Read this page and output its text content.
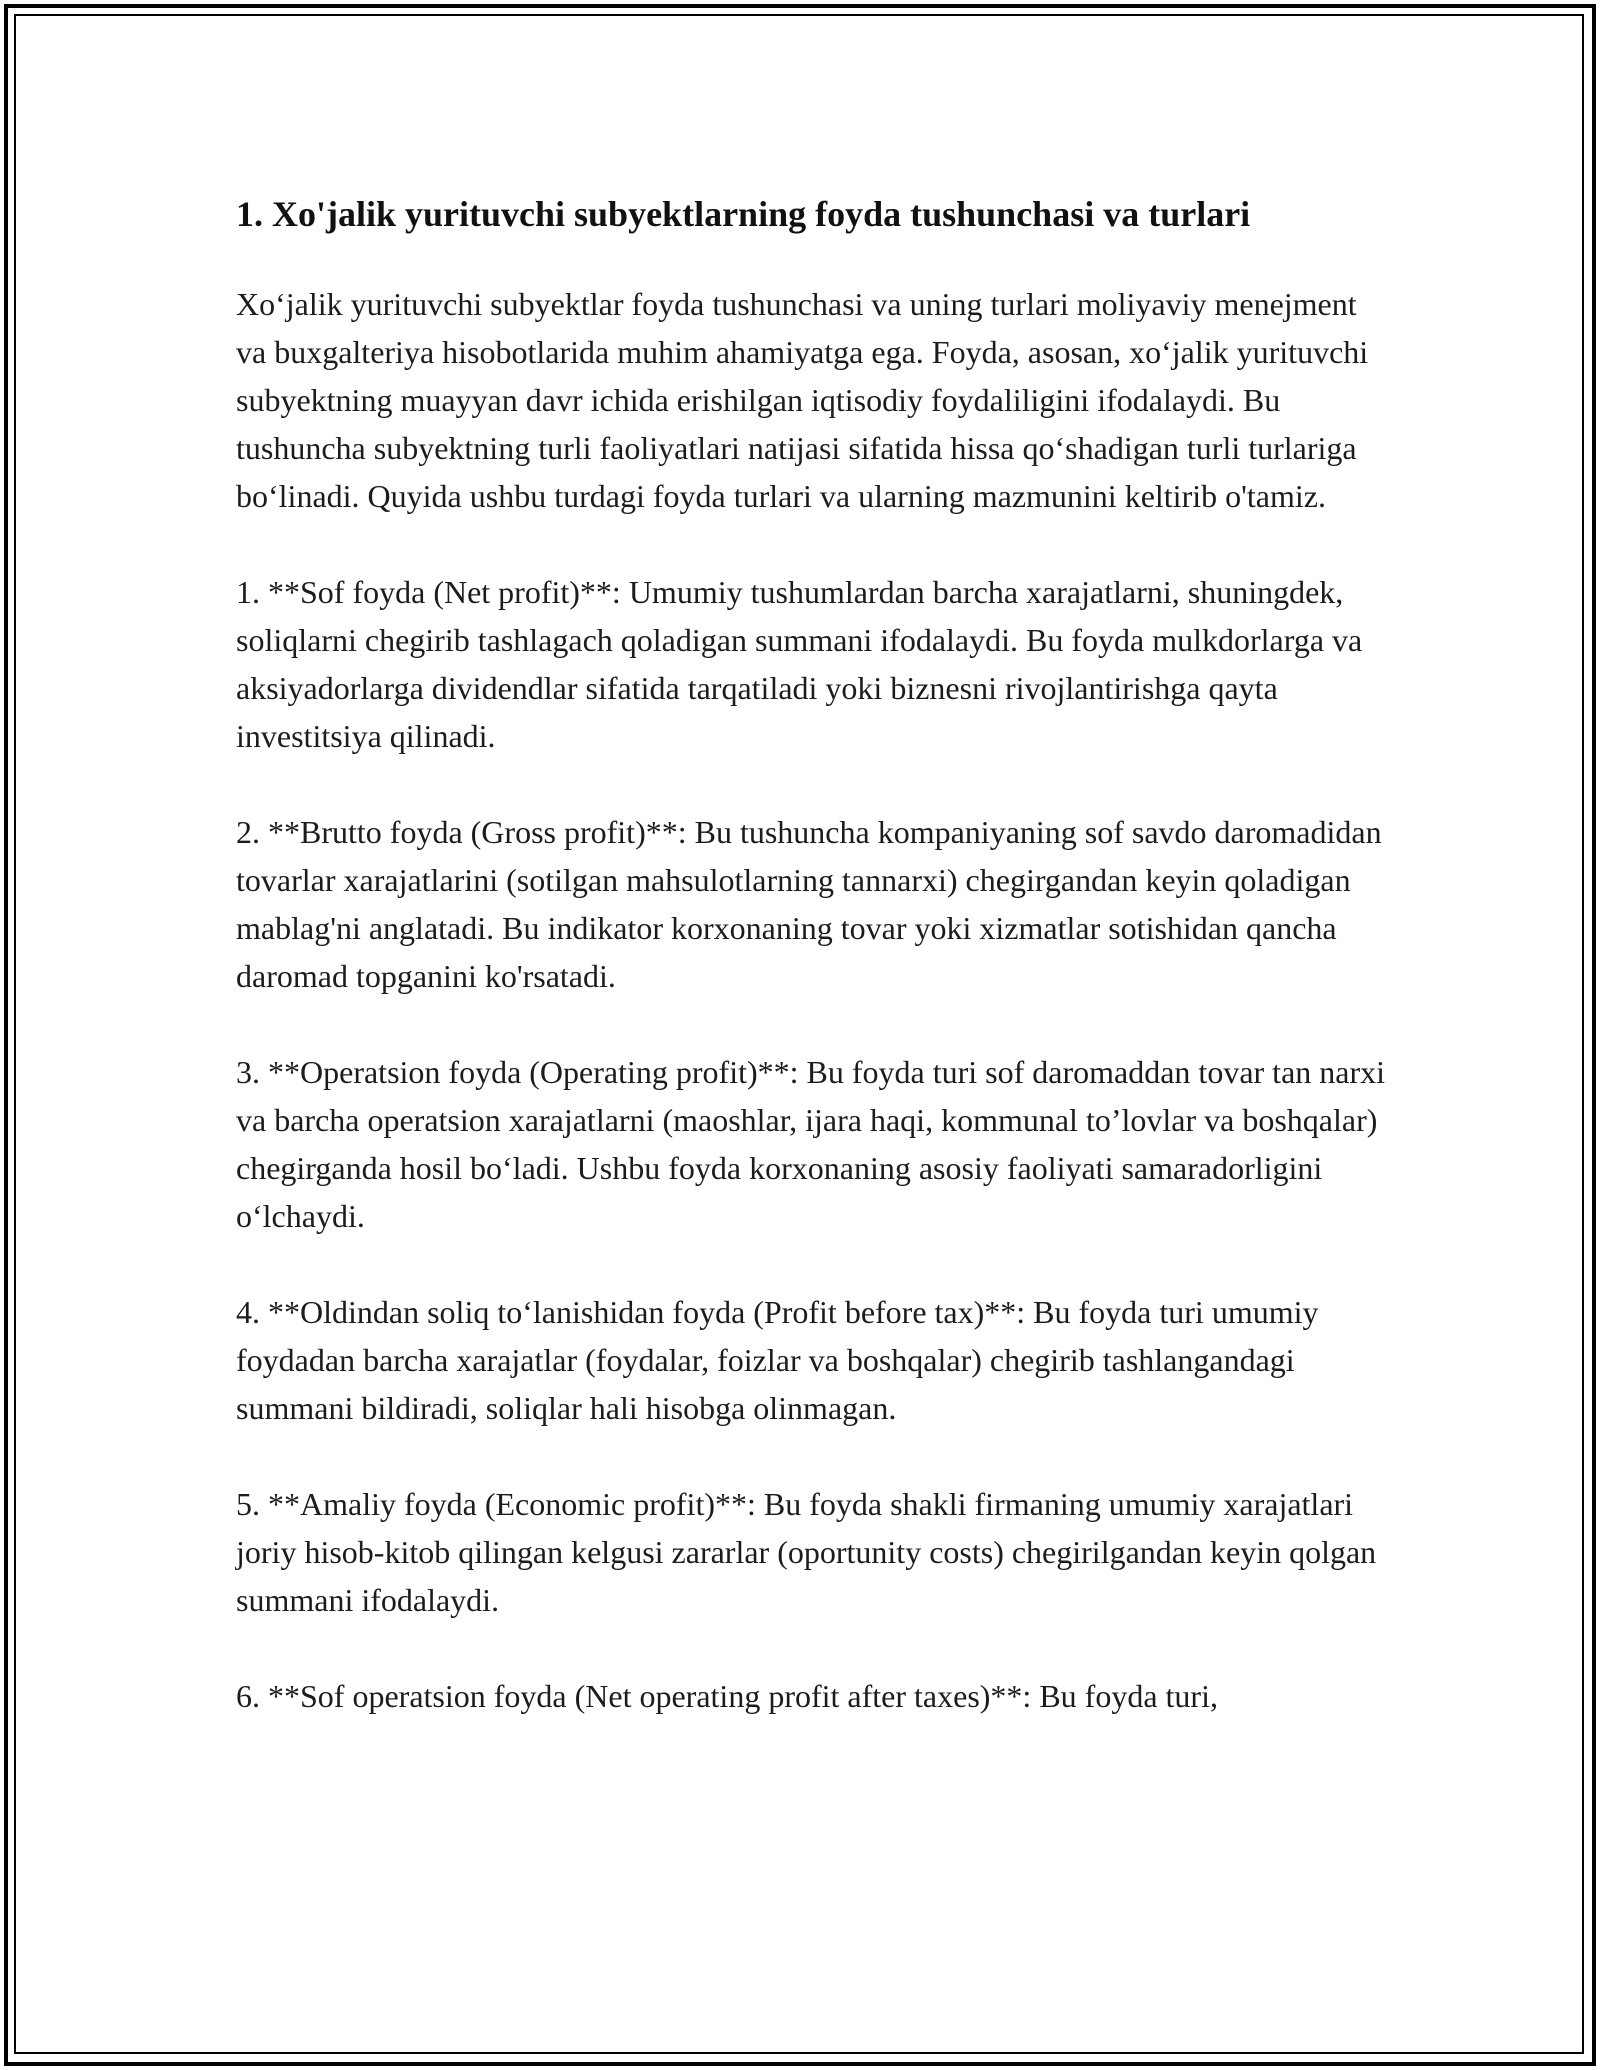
1. Xo'jalik yurituvchi subyektlarning foyda tushunchasi va turlari

Xo‘jalik yurituvchi subyektlar foyda tushunchasi va uning turlari moliyaviy menejment va buxgalteriya hisobotlarida muhim ahamiyatga ega. Foyda, asosan, xo‘jalik yurituvchi subyektning muayyan davr ichida erishilgan iqtisodiy foydaliligini ifodalaydi. Bu tushuncha subyektning turli faoliyatlari natijasi sifatida hissa qo‘shadigan turli turlariga bo‘linadi. Quyida ushbu turdagi foyda turlari va ularning mazmunini keltirib o'tamiz.

1. **Sof foyda (Net profit)**: Umumiy tushumlardan barcha xarajatlarni, shuningdek, soliqlarni chegirib tashlagach qoladigan summani ifodalaydi. Bu foyda mulkdorlarga va aksiyadorlarga dividendlar sifatida tarqatiladi yoki biznesni rivojlantirishga qayta investitsiya qilinadi.

2. **Brutto foyda (Gross profit)**: Bu tushuncha kompaniyaning sof savdo daromadidan tovarlar xarajatlarini (sotilgan mahsulotlarning tannarxi) chegirgandan keyin qoladigan mablag'ni anglatadi. Bu indikator korxonaning tovar yoki xizmatlar sotishidan qancha daromad topganini ko'rsatadi.

3. **Operatsion foyda (Operating profit)**: Bu foyda turi sof daromaddan tovar tan narxi va barcha operatsion xarajatlarni (maoshlar, ijara haqi, kommunal to’lovlar va boshqalar) chegirganda hosil bo‘ladi. Ushbu foyda korxonaning asosiy faoliyati samaradorligini o‘lchaydi.

4. **Oldindan soliq to‘lanishidan foyda (Profit before tax)**: Bu foyda turi umumiy foydadan barcha xarajatlar (foydalar, foizlar va boshqalar) chegirib tashlangandagi summani bildiradi, soliqlar hali hisobga olinmagan.

5. **Amaliy foyda (Economic profit)**: Bu foyda shakli firmaning umumiy xarajatlari joriy hisob-kitob qilingan kelgusi zararlar (oportunity costs) chegirilgandan keyin qolgan summani ifodalaydi.

6. **Sof operatsion foyda (Net operating profit after taxes)**: Bu foyda turi,
